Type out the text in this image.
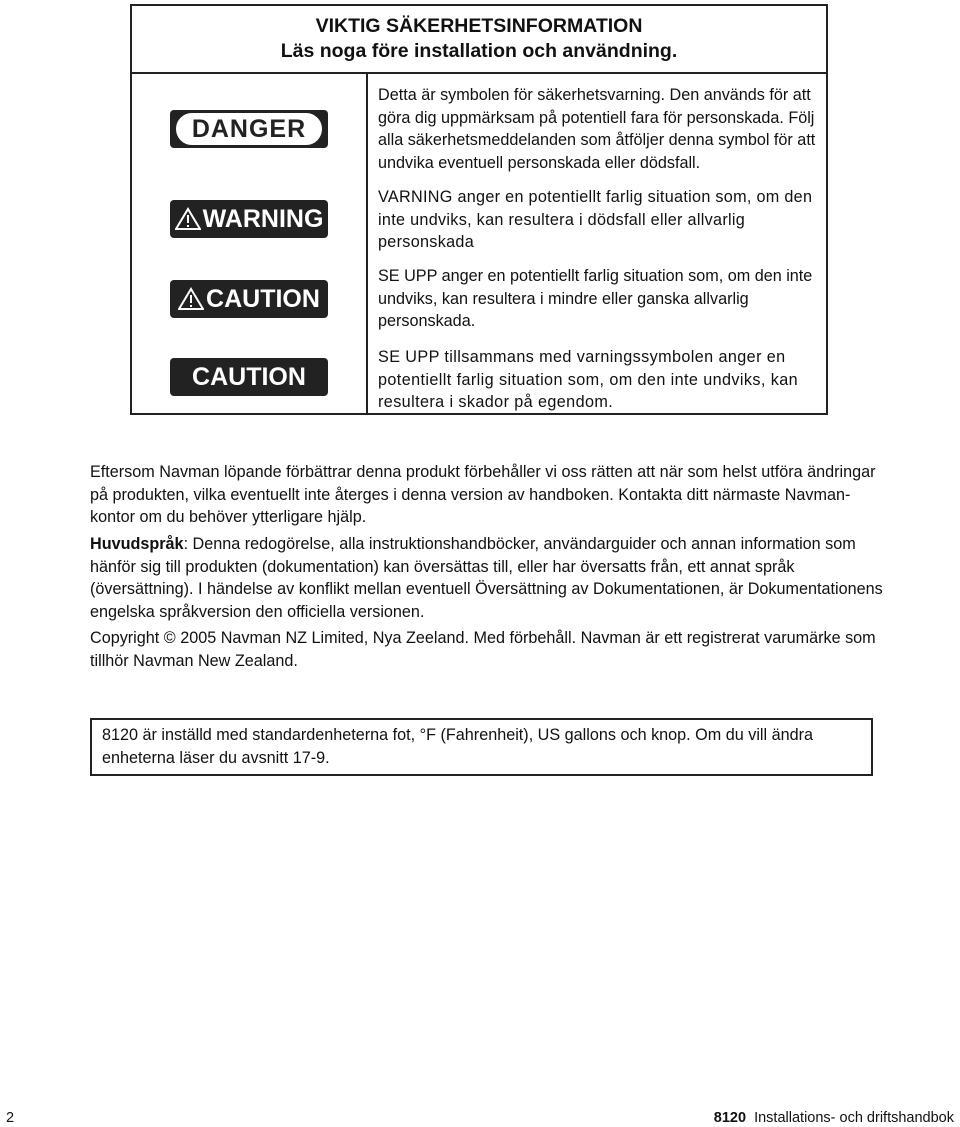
VIKTIG SÄKERHETSINFORMATION
Läs noga före installation och användning.
DANGER
WARNING
CAUTION
CAUTION
Detta är symbolen för säkerhetsvarning. Den används för att göra dig uppmärksam på potentiell fara för personskada. Följ alla säkerhetsmeddelanden som åtföljer denna symbol för att undvika eventuell personskada eller dödsfall.
VARNING anger en potentiellt farlig situation som, om den inte undviks, kan resultera i dödsfall eller allvarlig personskada
SE UPP anger en potentiellt farlig situation som, om den inte undviks, kan resultera i mindre eller ganska allvarlig personskada.
SE UPP tillsammans med varningssymbolen anger en potentiellt farlig situation som, om den inte undviks, kan resultera i skador på egendom.
Eftersom Navman löpande förbättrar denna produkt förbehåller vi oss rätten att när som helst utföra ändringar på produkten, vilka eventuellt inte återges i denna version av handboken. Kontakta ditt närmaste Navman-kontor om du behöver ytterligare hjälp.
Huvudspråk: Denna redogörelse, alla instruktionshandböcker, användarguider och annan information som hänför sig till produkten (dokumentation) kan översättas till, eller har översatts från, ett annat språk (översättning). I händelse av konflikt mellan eventuell Översättning av Dokumentationen, är Dokumentationens engelska språkversion den officiella versionen.
Copyright © 2005 Navman NZ Limited, Nya Zeeland. Med förbehåll. Navman är ett registrerat varumärke som tillhör Navman New Zealand.
8120 är inställd med standardenheterna fot, °F (Fahrenheit), US gallons och knop. Om du vill ändra enheterna läser du avsnitt 17-9.
2	8120 Installations- och driftshandbok
